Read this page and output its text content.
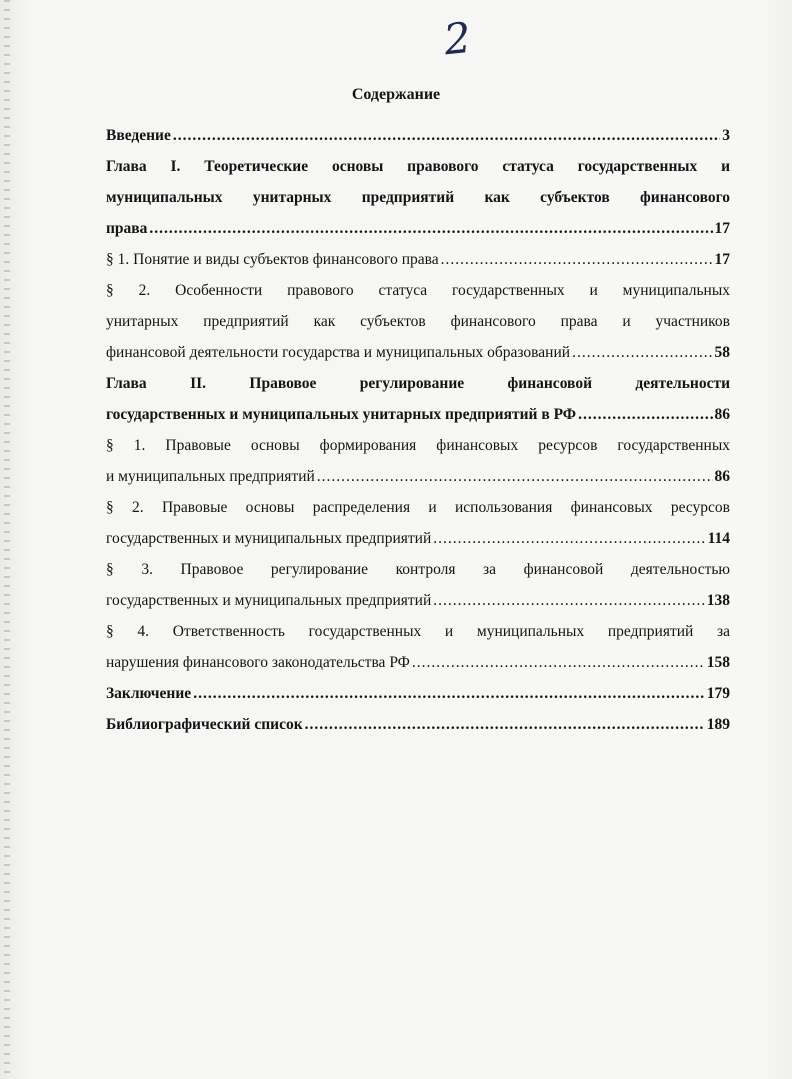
2
Содержание
Введение .....	3
Глава I. Теоретические основы правового статуса государственных и
муниципальных унитарных предприятий как субъектов финансового
права .....	17
§ 1. Понятие и виды субъектов финансового права .....	17
§ 2. Особенности правового статуса государственных и муниципальных
унитарных предприятий как субъектов финансового права и участников
финансовой деятельности государства и муниципальных образований .....	58
Глава II. Правовое регулирование финансовой деятельности
государственных и муниципальных унитарных предприятий в РФ .....	86
§ 1. Правовые основы формирования финансовых ресурсов государственных
и муниципальных предприятий .....	86
§ 2. Правовые основы распределения и использования финансовых ресурсов
государственных и муниципальных предприятий .....	114
§ 3. Правовое регулирование контроля за финансовой деятельностью
государственных и муниципальных предприятий .....	138
§ 4. Ответственность государственных и муниципальных предприятий за
нарушения финансового законодательства РФ .....	158
Заключение .....	179
Библиографический список .....	189
